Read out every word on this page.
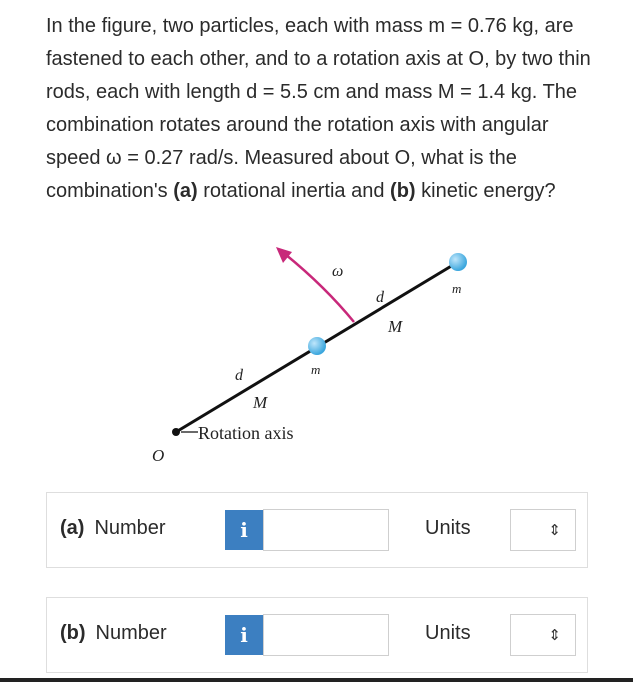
In the figure, two particles, each with mass m = 0.76 kg, are fastened to each other, and to a rotation axis at O, by two thin rods, each with length d = 5.5 cm and mass M = 1.4 kg. The combination rotates around the rotation axis with angular speed ω = 0.27 rad/s. Measured about O, what is the combination's (a) rotational inertia and (b) kinetic energy?

ω
d
M
m
m
d
M
Rotation axis
O
(a) Number	i	Units	⇕
(b) Number	i	Units	⇕
